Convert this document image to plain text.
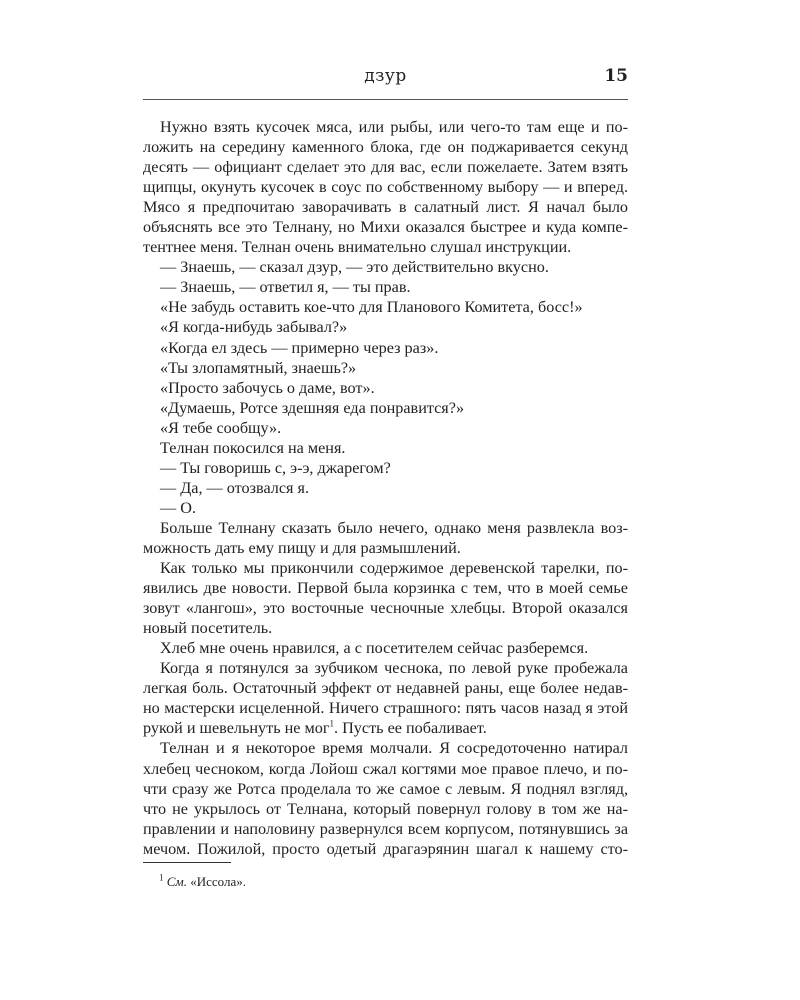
дзур	15
Нужно взять кусочек мяса, или рыбы, или чего-то там еще и по-
ложить на середину каменного блока, где он поджаривается секунд
десять — официант сделает это для вас, если пожелаете. Затем взять
щипцы, окунуть кусочек в соус по собственному выбору — и вперед.
Мясо я предпочитаю заворачивать в салатный лист. Я начал было
объяснять все это Телнану, но Михи оказался быстрее и куда компе-
тентнее меня. Телнан очень внимательно слушал инструкции.
— Знаешь, — сказал дзур, — это действительно вкусно.
— Знаешь, — ответил я, — ты прав.
«Не забудь оставить кое-что для Планового Комитета, босс!»
«Я когда-нибудь забывал?»
«Когда ел здесь — примерно через раз».
«Ты злопамятный, знаешь?»
«Просто забочусь о даме, вот».
«Думаешь, Ротсе здешняя еда понравится?»
«Я тебе сообщу».
Телнан покосился на меня.
— Ты говоришь с, э-э, джарегом?
— Да, — отозвался я.
— О.
Больше Телнану сказать было нечего, однако меня развлекла воз-
можность дать ему пищу и для размышлений.
Как только мы прикончили содержимое деревенской тарелки, по-
явились две новости. Первой была корзинка с тем, что в моей семье
зовут «лангош», это восточные чесночные хлебцы. Второй оказался
новый посетитель.
Хлеб мне очень нравился, а с посетителем сейчас разберемся.
Когда я потянулся за зубчиком чеснока, по левой руке пробежала
легкая боль. Остаточный эффект от недавней раны, еще более недав-
но мастерски исцеленной. Ничего страшного: пять часов назад я этой
рукой и шевельнуть не мог$^1$. Пусть ее побаливает.
Телнан и я некоторое время молчали. Я сосредоточенно натирал
хлебец чесноком, когда Лойош сжал когтями мое правое плечо, и по-
чти сразу же Ротса проделала то же самое с левым. Я поднял взгляд,
что не укрылось от Телнана, который повернул голову в том же на-
правлении и наполовину развернулся всем корпусом, потянувшись за
мечом. Пожилой, просто одетый драгаэрянин шагал к нашему сто-
$^1$ См. «Иссола».
